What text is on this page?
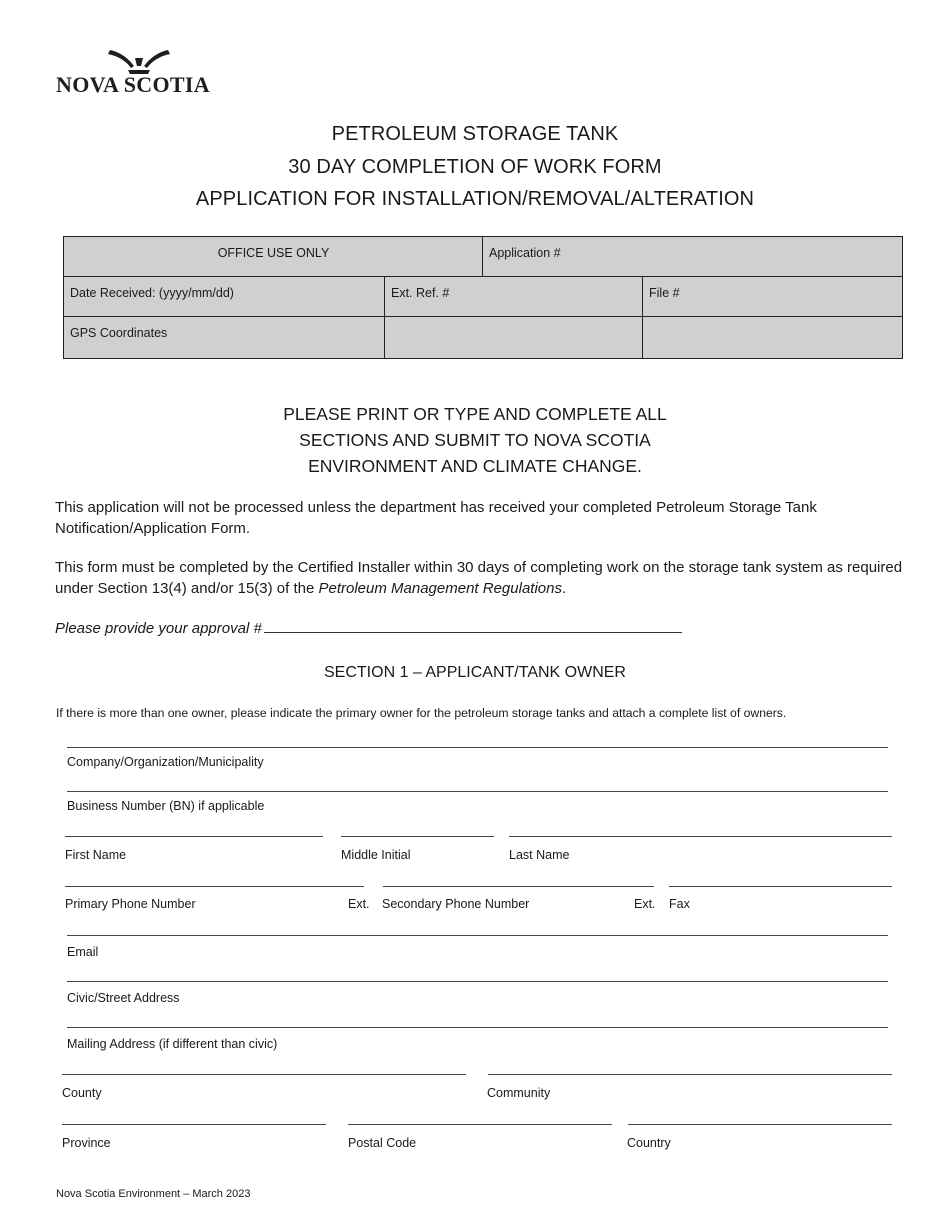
NOVA SCOTIA
PETROLEUM STORAGE TANK
30 DAY COMPLETION OF WORK FORM
APPLICATION FOR INSTALLATION/REMOVAL/ALTERATION
OFFICE USE ONLY	Application #
Date Received: (yyyy/mm/dd)	Ext. Ref. #	File #
GPS Coordinates
PLEASE PRINT OR TYPE AND COMPLETE ALL
SECTIONS AND SUBMIT TO NOVA SCOTIA
ENVIRONMENT AND CLIMATE CHANGE.
This application will not be processed unless the department has received your completed Petroleum Storage Tank Notification/Application Form.
This form must be completed by the Certified Installer within 30 days of completing work on the storage tank system as required under Section 13(4) and/or 15(3) of the Petroleum Management Regulations.
Please provide your approval #
SECTION 1 – APPLICANT/TANK OWNER
If there is more than one owner, please indicate the primary owner for the petroleum storage tanks and attach a complete list of owners.
Company/Organization/Municipality
Business Number (BN) if applicable
First Name	Middle Initial	Last Name
Primary Phone Number	Ext. Secondary Phone Number	Ext. Fax
Email
Civic/Street Address
Mailing Address (if different than civic)
County	Community
Province	Postal Code	Country
Nova Scotia Environment – March 2023
